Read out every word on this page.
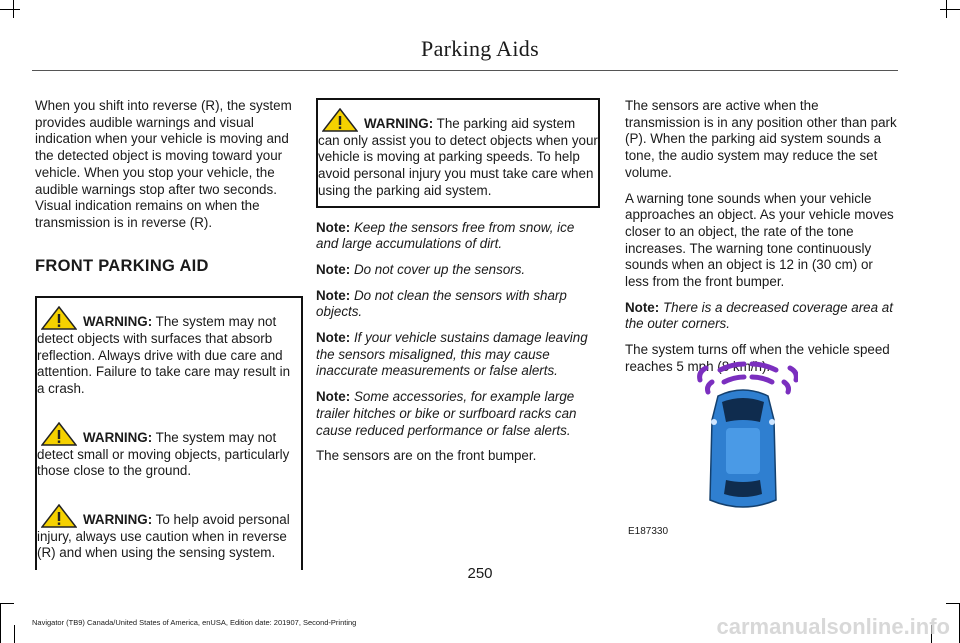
Parking Aids

When you shift into reverse (R), the system provides audible warnings and visual indication when your vehicle is moving and the detected object is moving toward your vehicle. When you stop your vehicle, the audible warnings stop after two seconds. Visual indication remains on when the transmission is in reverse (R).

FRONT PARKING AID
WARNING: The system may not detect objects with surfaces that absorb reflection. Always drive with due care and attention. Failure to take care may result in a crash.
WARNING: The system may not detect small or moving objects, particularly those close to the ground.
WARNING: To help avoid personal injury, always use caution when in reverse (R) and when using the sensing system.
WARNING: The parking aid system can only assist you to detect objects when your vehicle is moving at parking speeds. To help avoid personal injury you must take care when using the parking aid system.

Note: Keep the sensors free from snow, ice and large accumulations of dirt.

Note: Do not cover up the sensors.

Note: Do not clean the sensors with sharp objects.

Note: If your vehicle sustains damage leaving the sensors misaligned, this may cause inaccurate measurements or false alerts.

Note: Some accessories, for example large trailer hitches or bike or surfboard racks can cause reduced performance or false alerts.

The sensors are on the front bumper.

The sensors are active when the transmission is in any position other than park (P). When the parking aid system sounds a tone, the audio system may reduce the set volume.

A warning tone sounds when your vehicle approaches an object. As your vehicle moves closer to an object, the rate of the tone increases. The warning tone continuously sounds when an object is 12 in (30 cm) or less from the front bumper.

Note: There is a decreased coverage area at the outer corners.

The system turns off when the vehicle speed reaches 5 mph (8 km/h).

E187330
250
Navigator (TB9) Canada/United States of America, enUSA, Edition date: 201907, Second-Printing	carmanualsonline.info
